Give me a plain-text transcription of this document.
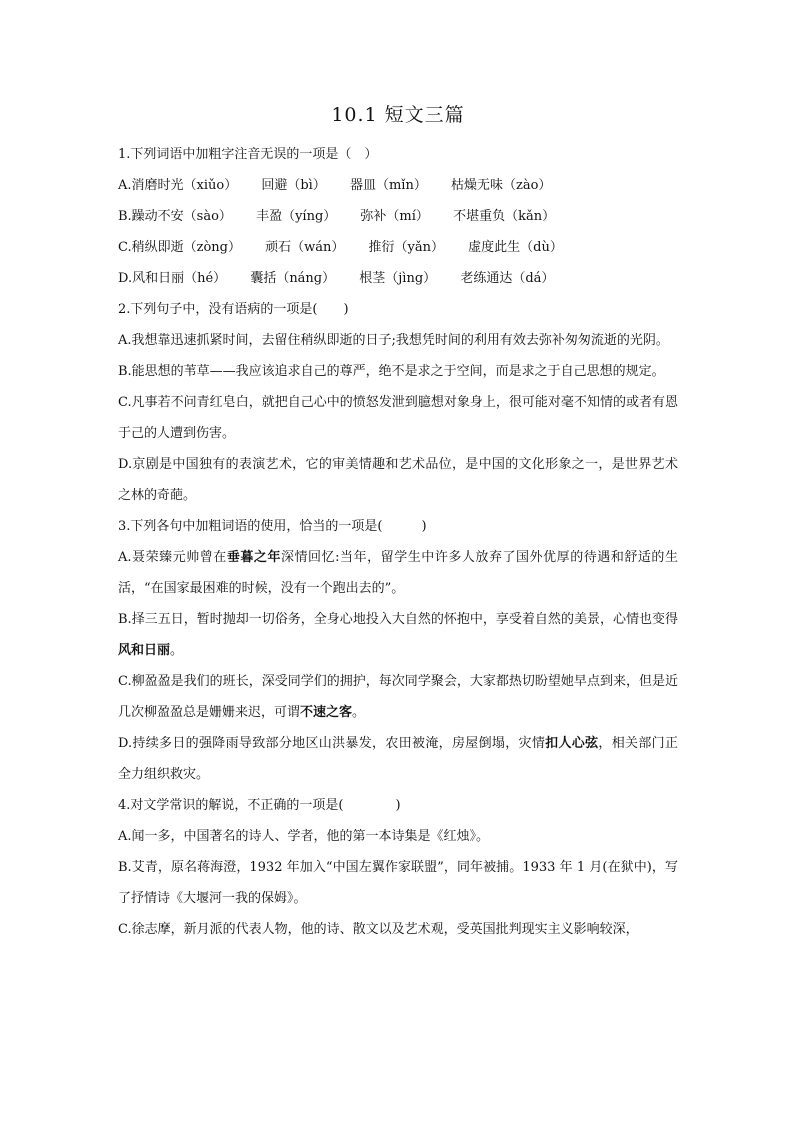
10.1 短文三篇
1.下列词语中加粗字注音无误的一项是（　）
A.消磨时光（xiǔo） 回避（bì） 器皿（mǐn） 枯燥无味（zào）
B.躁动不安（sào） 丰盈（yíng） 弥补（mí） 不堪重负（kǎn）
C.稍纵即逝（zòng） 顽石（wán） 推衍（yǎn） 虚度此生（dù）
D.风和日丽（hé） 囊括（nánɡ） 根茎（jìng） 老练通达（dá）
2.下列句子中，没有语病的一项是(　　)
A.我想靠迅速抓紧时间，去留住稍纵即逝的日子;我想凭时间的利用有效去弥补匆匆流逝的光阴。
B.能思想的苇草——我应该追求自己的尊严，绝不是求之于空间，而是求之于自己思想的规定。
C.凡事若不问青红皂白，就把自己心中的愤怒发泄到臆想对象身上，很可能对毫不知情的或者有恩于己的人遭到伤害。
D.京剧是中国独有的表演艺术，它的审美情趣和艺术品位，是中国的文化形象之一，是世界艺术之林的奇葩。
3.下列各句中加粗词语的使用，恰当的一项是(　　　)
A.聂荣臻元帅曾在垂暮之年深情回忆:当年，留学生中许多人放弃了国外优厚的待遇和舒适的生活，“在国家最困难的时候，没有一个跑出去的”。
B.择三五日，暂时抛却一切俗务，全身心地投入大自然的怀抱中，享受着自然的美景，心情也变得风和日丽。
C.柳盈盈是我们的班长，深受同学们的拥护，每次同学聚会，大家都热切盼望她早点到来，但是近几次柳盈盈总是姗姗来迟，可谓不速之客。
D.持续多日的强降雨导致部分地区山洪暴发，农田被淹，房屋倒塌，灾情扣人心弦，相关部门正全力组织救灾。
4.对文学常识的解说，不正确的一项是(　　　　)
A.闻一多，中国著名的诗人、学者，他的第一本诗集是《红烛》。
B.艾青，原名蒋海澄，1932 年加入“中国左翼作家联盟”，同年被捕。1933 年 1 月(在狱中)，写了抒情诗《大堰河一我的保姆》。
C.徐志摩，新月派的代表人物，他的诗、散文以及艺术观，受英国批判现实主义影响较深，
